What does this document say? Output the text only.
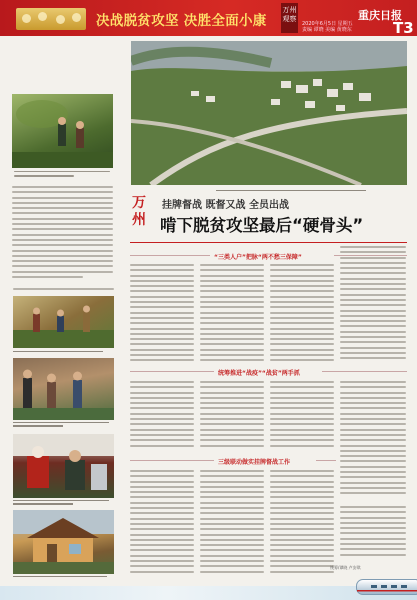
决战脱贫攻坚 决胜全面小康
万州观察	重庆日报
T3
2020年6月5日 星期五
责编 谭晓 美编 黄晓东
万州
挂牌督战 既督又战 全员出战
啃下脱贫攻坚最后“硬骨头”
“三类人户”把脉“两不愁三保障”
统筹推进“战疫”“战贫”两手抓
三级联动做实挂牌督战工作
统筹/谭晓 卢安琪
